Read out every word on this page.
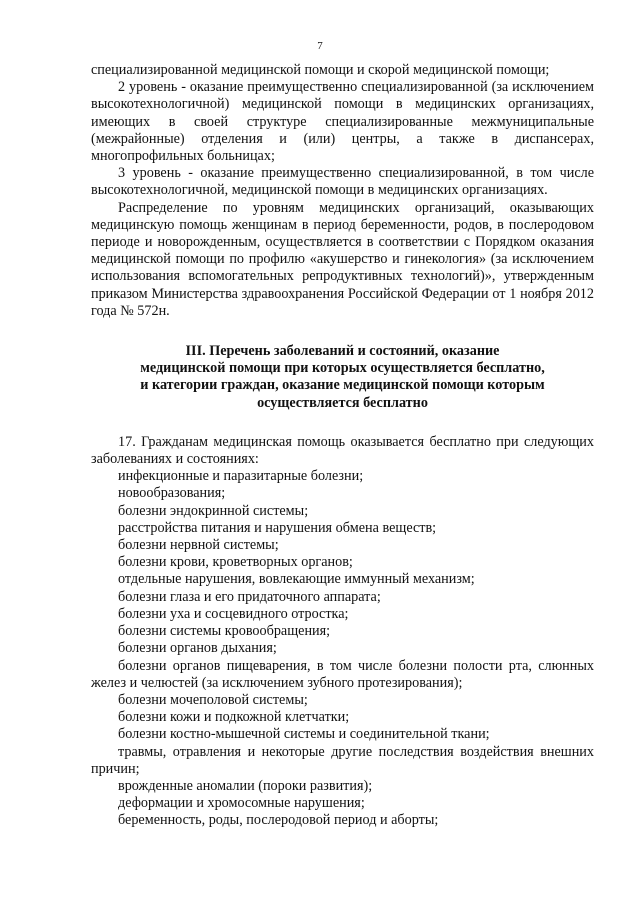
7

специализированной медицинской помощи и скорой медицинской помощи;

2 уровень - оказание преимущественно специализированной (за исключением высокотехнологичной) медицинской помощи в медицинских организациях, имеющих в своей структуре специализированные межмуниципальные (межрайонные) отделения и (или) центры, а также в диспансерах, многопрофильных больницах;

3 уровень - оказание преимущественно специализированной, в том числе высокотехнологичной, медицинской помощи в медицинских организациях.

Распределение по уровням медицинских организаций, оказывающих медицинскую помощь женщинам в период беременности, родов, в послеродовом периоде и новорожденным, осуществляется в соответствии с Порядком оказания медицинской помощи по профилю «акушерство и гинекология» (за исключением использования вспомогательных репродуктивных технологий)», утвержденным приказом Министерства здравоохранения Российской Федерации от 1 ноября 2012 года № 572н.

III. Перечень заболеваний и состояний, оказание
медицинской помощи при которых осуществляется бесплатно,
и категории граждан, оказание медицинской помощи которым
осуществляется бесплатно

17. Гражданам медицинская помощь оказывается бесплатно при следующих заболеваниях и состояниях:

инфекционные и паразитарные болезни;

новообразования;

болезни эндокринной системы;

расстройства питания и нарушения обмена веществ;

болезни нервной системы;

болезни крови, кроветворных органов;

отдельные нарушения, вовлекающие иммунный механизм;

болезни глаза и его придаточного аппарата;

болезни уха и сосцевидного отростка;

болезни системы кровообращения;

болезни органов дыхания;

болезни органов пищеварения, в том числе болезни полости рта, слюнных желез и челюстей (за исключением зубного протезирования);

болезни мочеполовой системы;

болезни кожи и подкожной клетчатки;

болезни костно-мышечной системы и соединительной ткани;

травмы, отравления и некоторые другие последствия воздействия внешних причин;

врожденные аномалии (пороки развития);

деформации и хромосомные нарушения;

беременность, роды, послеродовой период и аборты;
